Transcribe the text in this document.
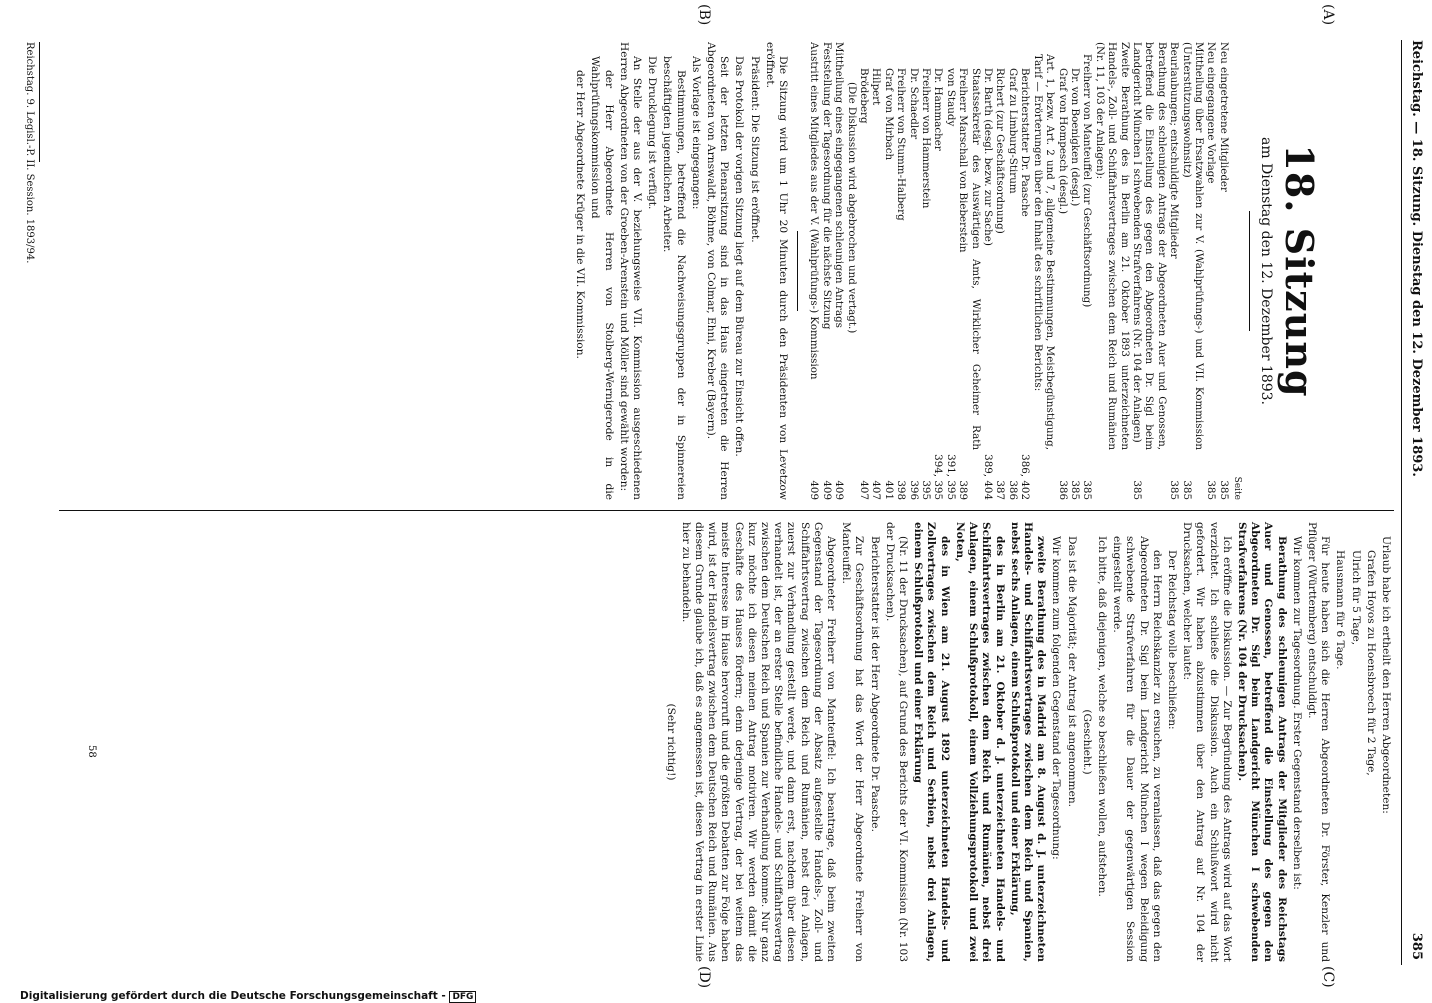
Reichstag. — 18. Sitzung. Dienstag den 12. Dezember 1893.
385
(A)
(B)
(C)
(D)
18. Sitzung
am Dienstag den 12. Dezember 1893.
Seite
Neu eingetretene Mitglieder
385
Neu eingegangene Vorlage
385
Mittheilung über Ersatzwahlen zur V. (Wahlprüfungs-) und VII. Kommission (Unterstützungswohnsitz)
385
Beurlaubungen; entschuldigte Mitglieder
385
Berathung des schleunigen Antrags der Abgeordneten Auer und Genossen, betreffend die Einstellung des gegen den Abgeordneten Dr. Sigl beim Landgericht München I schwebenden Strafverfahrens (Nr. 104 der Anlagen)
385
Zweite Berathung des in Berlin am 21. Oktober 1893 unterzeichneten Handels-, Zoll- und Schiffahrtsvertrages zwischen dem Reich und Rumänien (Nr. 11, 103 der Anlagen):
Freiherr von Manteuffel (zur Geschäftsordnung)
385
Dr. von Boenigken (desgl.)
385
Graf von Hompesch (desgl.)
386
Art. 1, bezw. Art. 2 und 7, allgemeine Bestimmungen, Meistbegünstigung, Tarif — Erörterungen über den Inhalt des schriftlichen Berichts:
Berichterstatter Dr. Paasche
386, 402
Graf zu Limburg-Stirum
386
Richert (zur Geschäftsordnung)
387
Dr. Barth (desgl. bezw. zur Sache)
389, 404
Staatssekretär des Auswärtigen Amts, Wirklicher Geheimer Rath Freiherr Marschall von Bieberstein
389
von Staudy
391, 395
Dr. Hammacher
394, 395
Freiherr von Hammerstein
395
Dr. Schaedler
396
Freiherr von Stumm-Halberg
398
Graf von Mirbach
401
Hilpert
407
Brödeberg
407
(Die Diskussion wird abgebrochen und vertagt.)
Mittheilung eines eingegangenen schleunigen Antrags
409
Feststellung der Tagesordnung für die nächste Sitzung
409
Austritt eines Mitgliedes aus der V. (Wahlprüfungs-) Kommission
409

Die Sitzung wird um 1 Uhr 20 Minuten durch den Präsidenten von Levetzow eröffnet.

Präsident: Die Sitzung ist eröffnet.

Das Protokoll der vorigen Sitzung liegt auf dem Büreau zur Einsicht offen.

Seit der letzten Plenarsitzung sind in das Haus eingetreten die Herren Abgeordneten von Arnswaldt, Böhme, von Colmar, Ehni, Kreber (Bayern).

Als Vorlage ist eingegangen:

Bestimmungen, betreffend die Nachweisungsgruppen der in Spinnereien beschäftigten jugendlichen Arbeiter.

Die Drucklegung ist verfügt.

An Stelle der aus der V. beziehungsweise VII. Kommission ausgeschiedenen Herren Abgeordneten von der Groeben-Arenstein und Möller sind gewählt worden:

der Herr Abgeordnete Herren von Stolberg-Wernigerode in die Wahlprüfungskommission und

der Herr Abgeordnete Krüger in die VII. Kommission.

Reichstag. 9. Legisl.-P. II. Session. 1893/94.

Urlaub habe ich ertheilt den Herren Abgeordneten:

Grafen Hoyos zu Hoensbroech für 2 Tage,

Ulrich für 5 Tage,

Hausmann für 6 Tage.

Für heute haben sich die Herren Abgeordneten Dr. Förster, Kenzler und Pflüger (Württemberg) entschuldigt.

Wir kommen zur Tagesordnung. Erster Gegenstand derselben ist:

Berathung des schleunigen Antrags der Mitglieder des Reichstags Auer und Genossen, betreffend die Einstellung des gegen den Abgeordneten Dr. Sigl beim Landgericht München I schwebenden Strafverfahrens (Nr. 104 der Drucksachen).

Ich eröffne die Diskussion. — Zur Begründung des Antrags wird auf das Wort verzichtet. Ich schließe die Diskussion. Auch ein Schlußwort wird nicht gefordert. Wir haben abzustimmen über den Antrag auf Nr. 104 der Drucksachen, welcher lautet:

Der Reichstag wolle beschließen:

den Herrn Reichskanzler zu ersuchen, zu veranlassen, daß das gegen den Abgeordneten Dr. Sigl beim Landgericht München I wegen Beleidigung schwebende Strafverfahren für die Dauer der gegenwärtigen Session eingestellt werde.

Ich bitte, daß diejenigen, welche so beschließen wollen, aufstehen.

(Geschieht.)

Das ist die Majorität; der Antrag ist angenommen.

Wir kommen zum folgenden Gegenstand der Tagesordnung:

zweite Berathung des in Madrid am 8. August d. J. unterzeichneten Handels- und Schiffahrtsvertrages zwischen dem Reich und Spanien, nebst sechs Anlagen, einem Schlußprotokoll und einer Erklärung,

des in Berlin am 21. Oktober d. J. unterzeichneten Handels- und Schiffahrtsvertrages zwischen dem Reich und Rumänien, nebst drei Anlagen, einem Schlußprotokoll, einem Vollziehungsprotokoll und zwei Noten,

des in Wien am 21. August 1892 unterzeichneten Handels- und Zollvertrages zwischen dem Reich und Serbien, nebst drei Anlagen, einem Schlußprotokoll und einer Erklärung

(Nr. 11 der Drucksachen), auf Grund des Berichts der VI. Kommission (Nr. 103 der Drucksachen).

Berichterstatter ist der Herr Abgeordnete Dr. Paasche.

Zur Geschäftsordnung hat das Wort der Herr Abgeordnete Freiherr von Manteuffel.

Abgeordneter Freiherr von Manteuffel: Ich beantrage, daß beim zweiten Gegenstand der Tagesordnung der Absatz aufgestellte Handels-, Zoll- und Schiffahrtsvertrag zwischen dem Reich und Rumänien, nebst drei Anlagen, zuerst zur Verhandlung gestellt werde, und dann erst, nachdem über diesen verhandelt ist, der an erster Stelle befindliche Handels- und Schiffahrtsvertrag zwischen dem Deutschen Reich und Spanien zur Verhandlung komme. Nur ganz kurz möchte ich diesen meinen Antrag motiviren. Wir werden damit die Geschäfte des Hauses fördern; denn derjenige Vertrag, der bei weitem das meiste Interesse im Hause hervorruft und die größten Debatten zur Folge haben wird, ist der Handelsvertrag zwischen dem Deutschen Reich und Rumänien. Aus diesem Grunde glaube ich, daß es angemessen ist, diesen Vertrag in erster Linie hier zu behandeln.

(Sehr richtig!)

58
Digitalisierung gefördert durch die Deutsche Forschungsgemeinschaft - DFG
